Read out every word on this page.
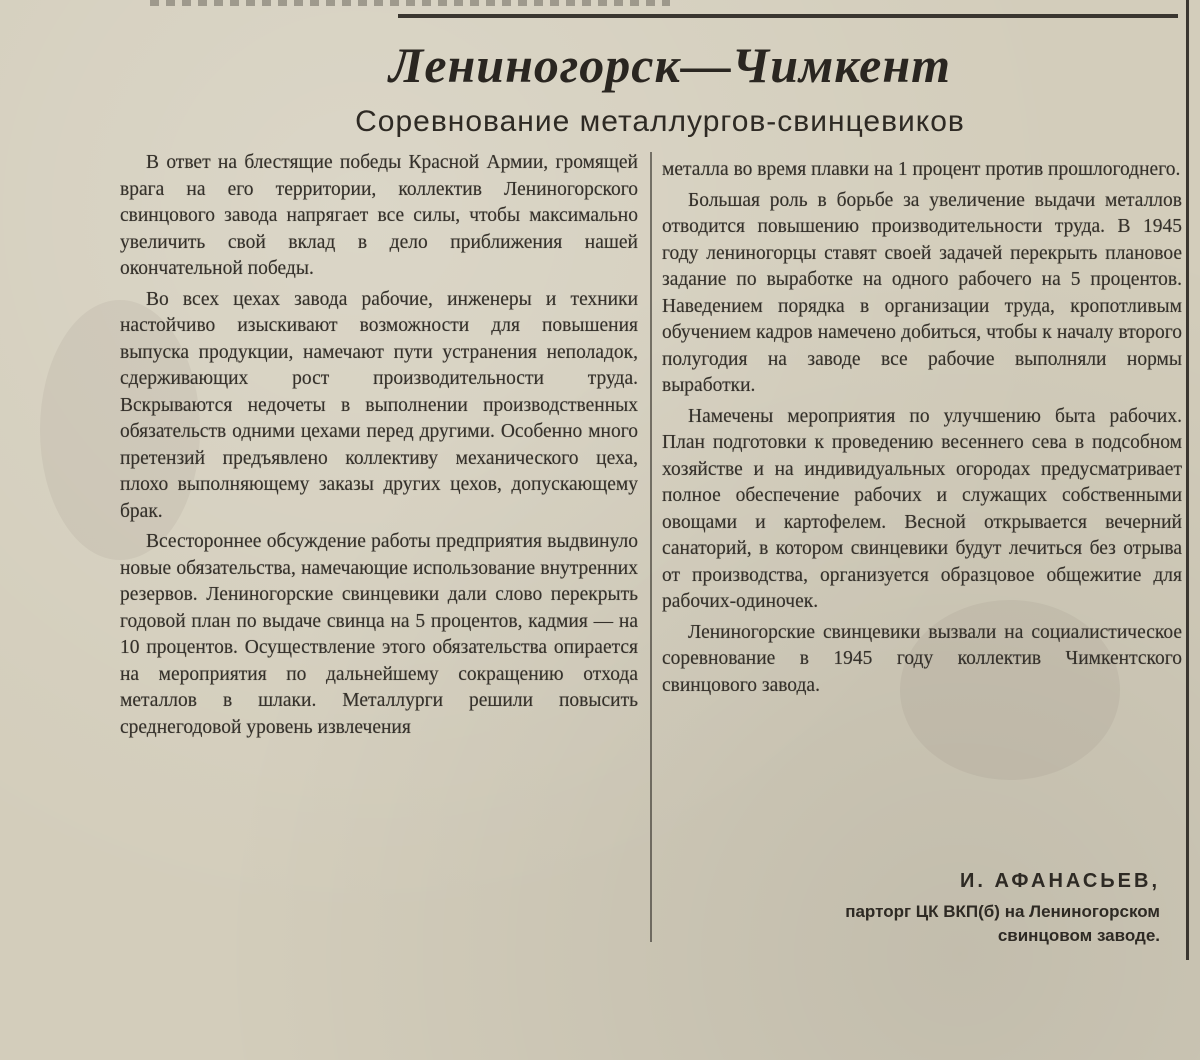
Лениногорск—Чимкент
Соревнование металлургов-свинцевиков

В ответ на блестящие победы Красной Армии, громящей врага на его территории, коллектив Лениногорского свинцового завода напрягает все силы, чтобы максимально увеличить свой вклад в дело приближения нашей окончательной победы.

Во всех цехах завода рабочие, инженеры и техники настойчиво изыскивают возможности для повышения выпуска продукции, намечают пути устранения неполадок, сдерживающих рост производительности труда. Вскрываются недочеты в выполнении производственных обязательств одними цехами перед другими. Особенно много претензий предъявлено коллективу механического цеха, плохо выполняющему заказы других цехов, допускающему брак.

Всестороннее обсуждение работы предприятия выдвинуло новые обязательства, намечающие использование внутренних резервов. Лениногорские свинцевики дали слово перекрыть годовой план по выдаче свинца на 5 процентов, кадмия — на 10 процентов. Осуществление этого обязательства опирается на мероприятия по дальнейшему сокращению отхода металлов в шлаки. Металлурги решили повысить среднегодовой уровень извлечения

металла во время плавки на 1 процент против прошлогоднего.

Большая роль в борьбе за увеличение выдачи металлов отводится повышению производительности труда. В 1945 году лениногорцы ставят своей задачей перекрыть плановое задание по выработке на одного рабочего на 5 процентов. Наведением порядка в организации труда, кропотливым обучением кадров намечено добиться, чтобы к началу второго полугодия на заводе все рабочие выполняли нормы выработки.

Намечены мероприятия по улучшению быта рабочих. План подготовки к проведению весеннего сева в подсобном хозяйстве и на индивидуальных огородах предусматривает полное обеспечение рабочих и служащих собственными овощами и картофелем. Весной открывается вечерний санаторий, в котором свинцевики будут лечиться без отрыва от производства, организуется образцовое общежитие для рабочих-одиночек.

Лениногорские свинцевики вызвали на социалистическое соревнование в 1945 году коллектив Чимкентского свинцового завода.

И. АФАНАСЬЕВ,
парторг ЦК ВКП(б) на Лениногорском
свинцовом заводе.
